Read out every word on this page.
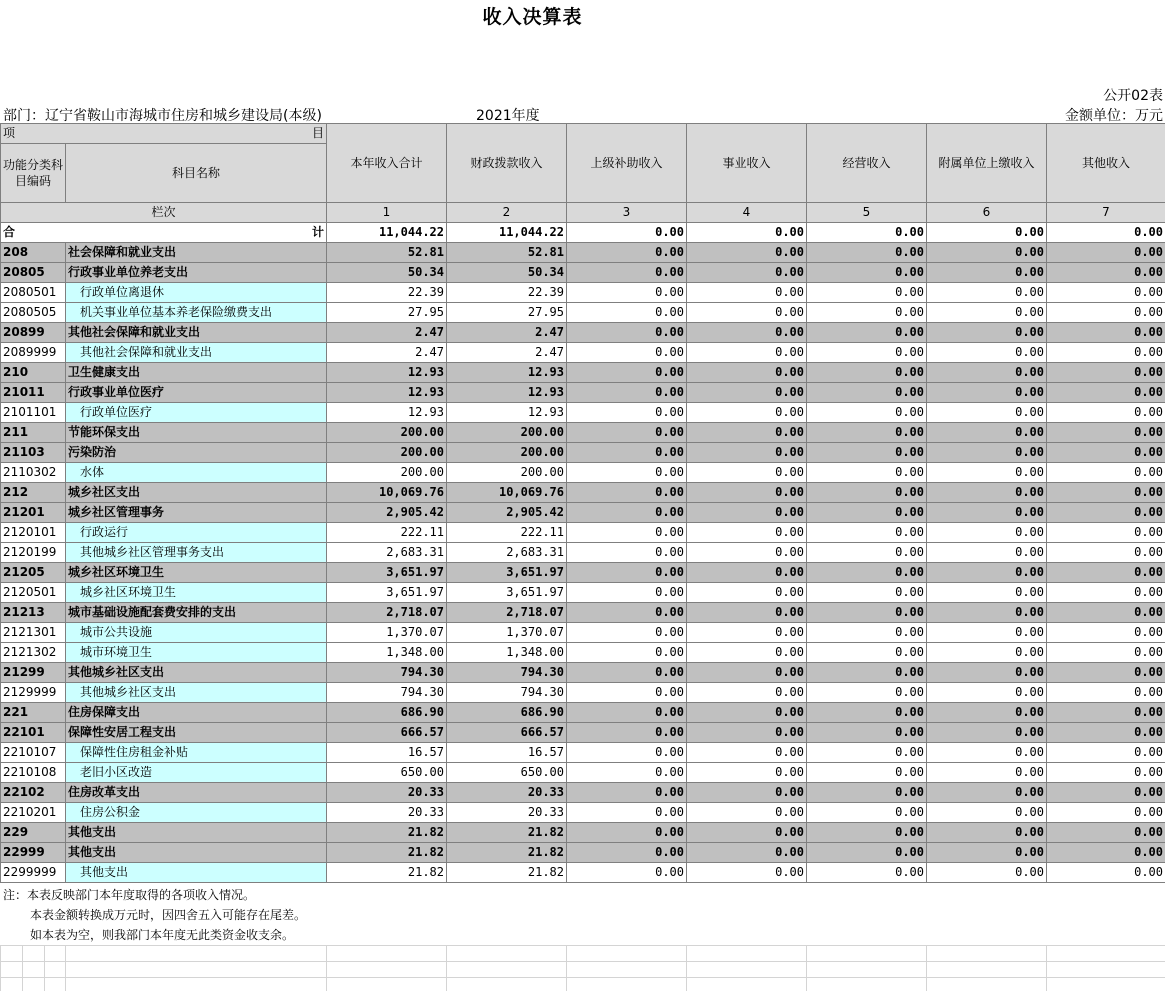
收入决算表
公开02表
部门：辽宁省鞍山市海城市住房和城乡建设局(本级)	2021年度	金额单位：万元
项 目		本年收入合计	财政拨款收入	上级补助收入	事业收入	经营收入	附属单位上缴收入	其他收入
功能分类科目编码	科目名称							
栏次		1	2	3	4	5	6	7

合 计		11,044.22	11,044.22	0.00	0.00	0.00	0.00	0.00
208	社会保障和就业支出	52.81	52.81	0.00	0.00	0.00	0.00	0.00
20805	行政事业单位养老支出	50.34	50.34	0.00	0.00	0.00	0.00	0.00
2080501	行政单位离退休	22.39	22.39	0.00	0.00	0.00	0.00	0.00
2080505	机关事业单位基本养老保险缴费支出	27.95	27.95	0.00	0.00	0.00	0.00	0.00
20899	其他社会保障和就业支出	2.47	2.47	0.00	0.00	0.00	0.00	0.00
2089999	其他社会保障和就业支出	2.47	2.47	0.00	0.00	0.00	0.00	0.00
210	卫生健康支出	12.93	12.93	0.00	0.00	0.00	0.00	0.00
21011	行政事业单位医疗	12.93	12.93	0.00	0.00	0.00	0.00	0.00
2101101	行政单位医疗	12.93	12.93	0.00	0.00	0.00	0.00	0.00
211	节能环保支出	200.00	200.00	0.00	0.00	0.00	0.00	0.00
21103	污染防治	200.00	200.00	0.00	0.00	0.00	0.00	0.00
2110302	水体	200.00	200.00	0.00	0.00	0.00	0.00	0.00
212	城乡社区支出	10,069.76	10,069.76	0.00	0.00	0.00	0.00	0.00
21201	城乡社区管理事务	2,905.42	2,905.42	0.00	0.00	0.00	0.00	0.00
2120101	行政运行	222.11	222.11	0.00	0.00	0.00	0.00	0.00
2120199	其他城乡社区管理事务支出	2,683.31	2,683.31	0.00	0.00	0.00	0.00	0.00
21205	城乡社区环境卫生	3,651.97	3,651.97	0.00	0.00	0.00	0.00	0.00
2120501	城乡社区环境卫生	3,651.97	3,651.97	0.00	0.00	0.00	0.00	0.00
21213	城市基础设施配套费安排的支出	2,718.07	2,718.07	0.00	0.00	0.00	0.00	0.00
2121301	城市公共设施	1,370.07	1,370.07	0.00	0.00	0.00	0.00	0.00
2121302	城市环境卫生	1,348.00	1,348.00	0.00	0.00	0.00	0.00	0.00
21299	其他城乡社区支出	794.30	794.30	0.00	0.00	0.00	0.00	0.00
2129999	其他城乡社区支出	794.30	794.30	0.00	0.00	0.00	0.00	0.00
221	住房保障支出	686.90	686.90	0.00	0.00	0.00	0.00	0.00
22101	保障性安居工程支出	666.57	666.57	0.00	0.00	0.00	0.00	0.00
2210107	保障性住房租金补贴	16.57	16.57	0.00	0.00	0.00	0.00	0.00
2210108	老旧小区改造	650.00	650.00	0.00	0.00	0.00	0.00	0.00
22102	住房改革支出	20.33	20.33	0.00	0.00	0.00	0.00	0.00
2210201	住房公积金	20.33	20.33	0.00	0.00	0.00	0.00	0.00
229	其他支出	21.82	21.82	0.00	0.00	0.00	0.00	0.00
22999	其他支出	21.82	21.82	0.00	0.00	0.00	0.00	0.00
2299999	其他支出	21.82	21.82	0.00	0.00	0.00	0.00	0.00
注：本表反映部门本年度取得的各项收入情况。
本表金额转换成万元时，因四舍五入可能存在尾差。
如本表为空，则我部门本年度无此类资金收支余。
